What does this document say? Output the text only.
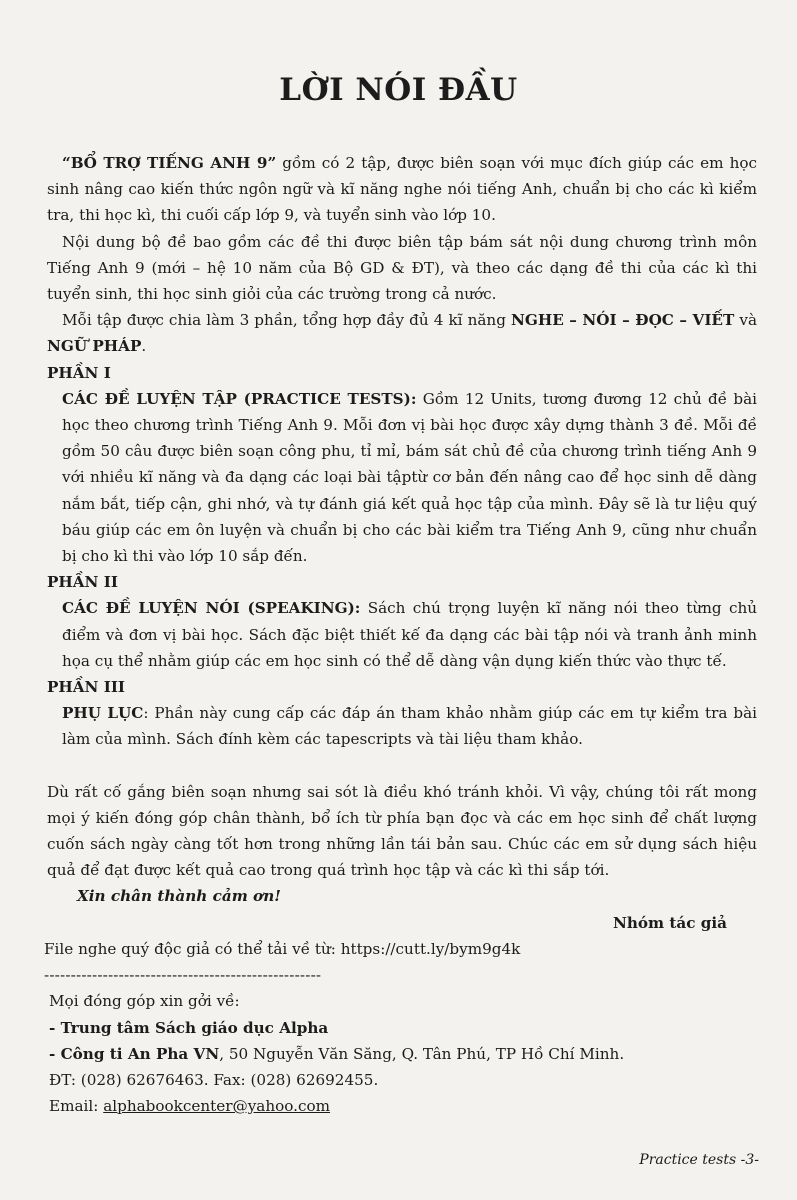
LỜI NÓI ĐẦU

“BỔ TRỢ TIẾNG ANH 9” gồm có 2 tập, được biên soạn với mục đích giúp các em học sinh nâng cao kiến thức ngôn ngữ và kĩ năng nghe nói tiếng Anh, chuẩn bị cho các kì kiểm tra, thi học kì, thi cuối cấp lớp 9, và tuyển sinh vào lớp 10.

Nội dung bộ đề bao gồm các đề thi được biên tập bám sát nội dung chương trình môn Tiếng Anh 9 (mới – hệ 10 năm của Bộ GD & ĐT), và theo các dạng đề thi của các kì thi tuyển sinh, thi học sinh giỏi của các trường trong cả nước.

Mỗi tập được chia làm 3 phần, tổng hợp đầy đủ 4 kĩ năng NGHE – NÓI – ĐỌC – VIẾT và NGỮ PHÁP.

PHẦN I

CÁC ĐỀ LUYỆN TẬP (PRACTICE TESTS): Gồm 12 Units, tương đương 12 chủ đề bài học theo chương trình Tiếng Anh 9. Mỗi đơn vị bài học được xây dựng thành 3 đề. Mỗi đề gồm 50 câu được biên soạn công phu, tỉ mỉ, bám sát chủ đề của chương trình tiếng Anh 9 với nhiều kĩ năng và đa dạng các loại bài tậptừ cơ bản đến nâng cao để học sinh dễ dàng nắm bắt, tiếp cận, ghi nhớ, và tự đánh giá kết quả học tập của mình. Đây sẽ là tư liệu quý báu giúp các em ôn luyện và chuẩn bị cho các bài kiểm tra Tiếng Anh 9, cũng như chuẩn bị cho kì thi vào lớp 10 sắp đến.

PHẦN II

CÁC ĐỀ LUYỆN NÓI (SPEAKING): Sách chú trọng luyện kĩ năng nói theo từng chủ điểm và đơn vị bài học. Sách đặc biệt thiết kế đa dạng các bài tập nói và tranh ảnh minh họa cụ thể nhằm giúp các em học sinh có thể dễ dàng vận dụng kiến thức vào thực tế.

PHẦN III

PHỤ LỤC: Phần này cung cấp các đáp án tham khảo nhằm giúp các em tự kiểm tra bài làm của mình. Sách đính kèm các tapescripts và tài liệu tham khảo.

Dù rất cố gắng biên soạn nhưng sai sót là điều khó tránh khỏi. Vì vậy, chúng tôi rất mong mọi ý kiến đóng góp chân thành, bổ ích từ phía bạn đọc và các em học sinh để chất lượng cuốn sách ngày càng tốt hơn trong những lần tái bản sau. Chúc các em sử dụng sách hiệu quả để đạt được kết quả cao trong quá trình học tập và các kì thi sắp tới.

Xin chân thành cảm ơn!
Nhóm tác giả
File nghe quý độc giả có thể tải về từ: https://cutt.ly/bym9g4k
----------------------------------------------------
Mọi đóng góp xin gởi về:
- Trung tâm Sách giáo dục Alpha
- Công ti An Pha VN, 50 Nguyễn Văn Săng, Q. Tân Phú, TP Hồ Chí Minh.
ĐT: (028) 62676463. Fax: (028) 62692455.
Email: alphabookcenter@yahoo.com
Practice tests -3-
